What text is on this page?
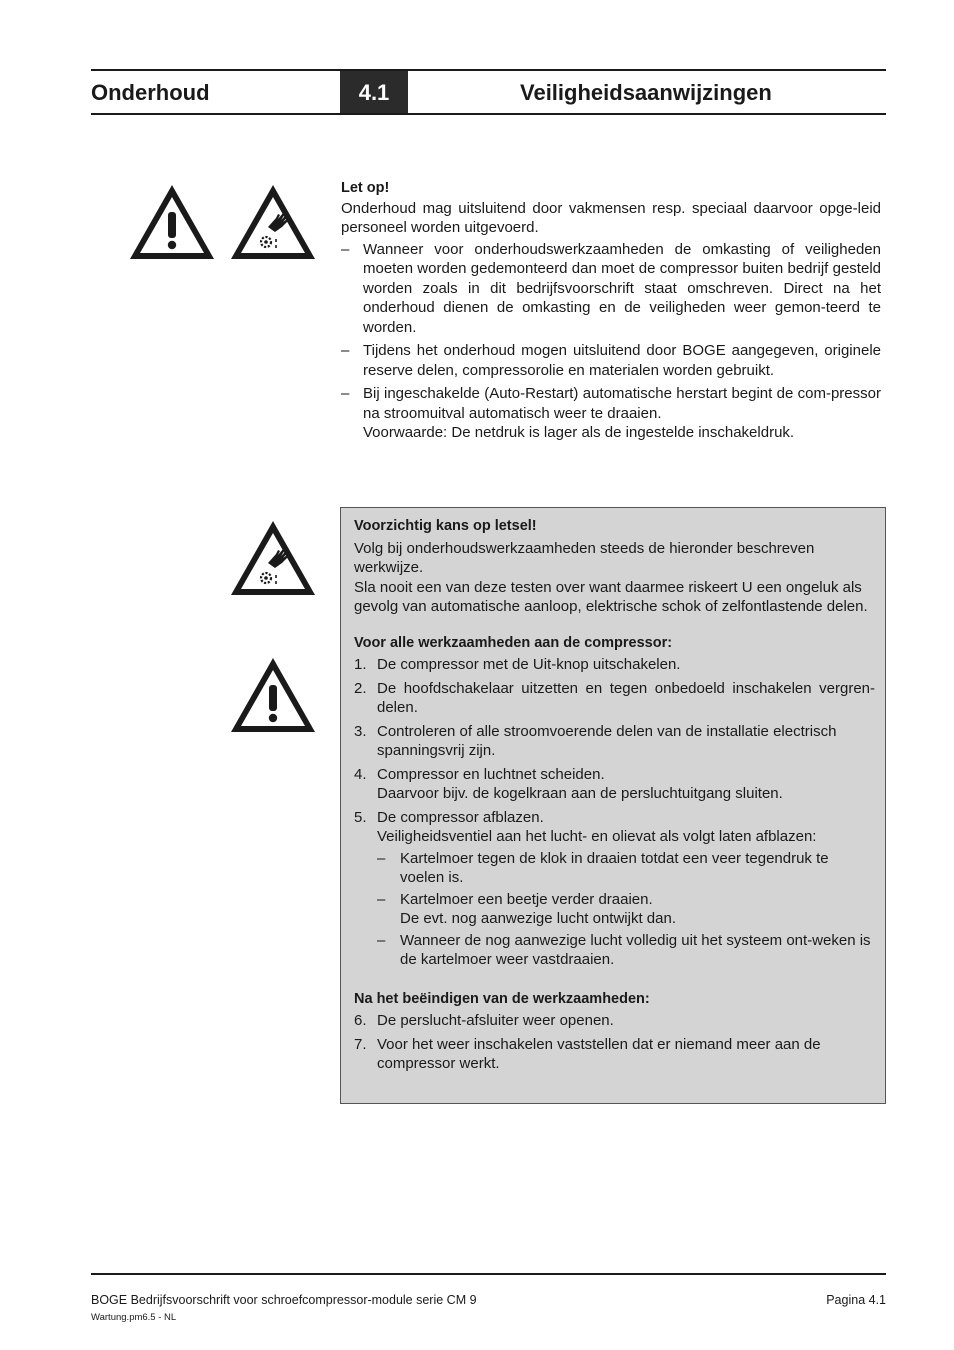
Onderhoud	4.1	Veiligheidsaanwijzingen
Let op!
Onderhoud mag uitsluitend door vakmensen resp. speciaal daarvoor opge-leid personeel worden uitgevoerd.
– Wanneer voor onderhoudswerkzaamheden de omkasting of veiligheden moeten worden gedemonteerd dan moet de compressor buiten bedrijf gesteld worden zoals in dit bedrijfsvoorschrift staat omschreven. Direct na het onderhoud dienen de omkasting en de veiligheden weer gemon-teerd te worden.
– Tijdens het onderhoud mogen uitsluitend door BOGE aangegeven, originele reserve delen, compressorolie en materialen worden gebruikt.
– Bij ingeschakelde (Auto-Restart) automatische herstart begint de com-pressor na stroomuitval automatisch weer te draaien.
Voorwaarde: De netdruk is lager als de ingestelde inschakeldruk.
Voorzichtig kans op letsel!
Volg bij onderhoudswerkzaamheden steeds de hieronder beschreven werkwijze.
Sla nooit een van deze testen over want daarmee riskeert U een ongeluk als gevolg van automatische aanloop, elektrische schok of zelfontlastende delen.
Voor alle werkzaamheden aan de compressor:
1. De compressor met de Uit-knop uitschakelen.
2. De hoofdschakelaar uitzetten en tegen onbedoeld inschakelen vergren-delen.
3. Controleren of alle stroomvoerende delen van de installatie electrisch spanningsvrij zijn.
4. Compressor en luchtnet scheiden.
Daarvoor bijv. de kogelkraan aan de persluchtuitgang sluiten.
5. De compressor afblazen.
Veiligheidsventiel aan het lucht- en olievat als volgt laten afblazen:
– Kartelmoer tegen de klok in draaien totdat een veer tegendruk te voelen is.
– Kartelmoer een beetje verder draaien.
De evt. nog aanwezige lucht ontwijkt dan.
– Wanneer de nog aanwezige lucht volledig uit het systeem ont-weken is de kartelmoer weer vastdraaien.
Na het beëindigen van de werkzaamheden:
6. De perslucht-afsluiter weer openen.
7. Voor het weer inschakelen vaststellen dat er niemand meer aan de compressor werkt.
BOGE Bedrijfsvoorschrift voor schroefcompressor-module serie CM 9	Pagina 4.1
Wartung.pm6.5 - NL
